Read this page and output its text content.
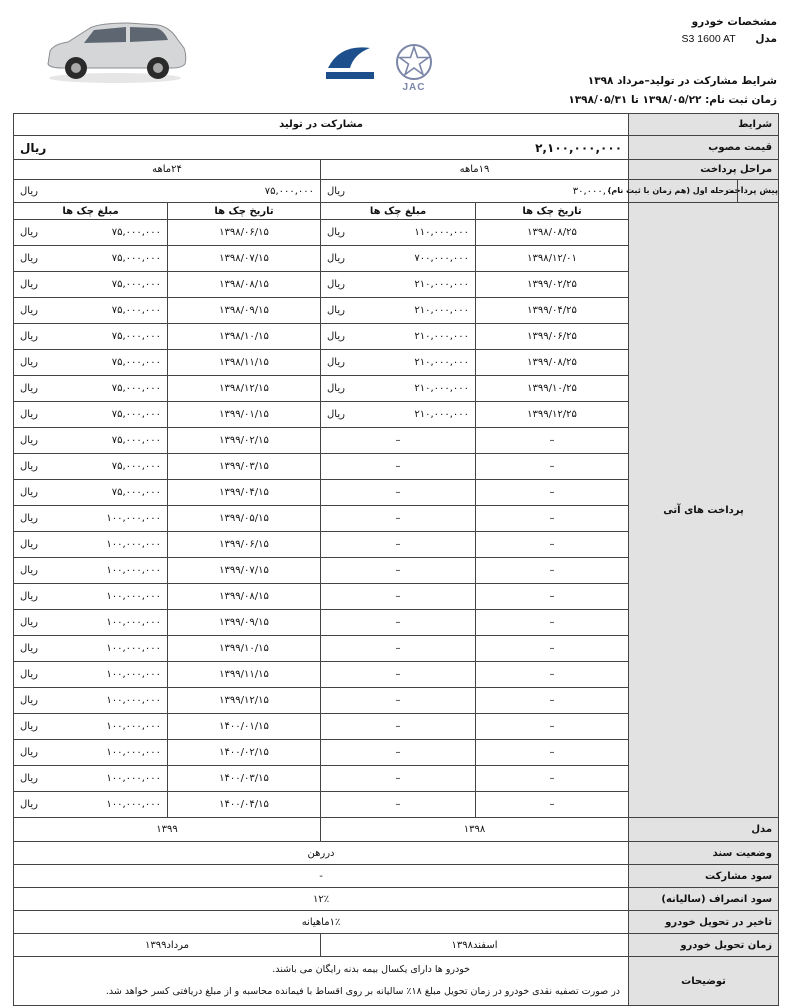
مشخصات خودرو
مدل S3 1600 AT
شرایط مشارکت در تولید–مرداد ۱۳۹۸
زمان ثبت نام: ۱۳۹۸/۰۵/۲۲ تا ۱۳۹۸/۰۵/۳۱
JAC
شرایط	مشارکت در تولید			
قیمت مصوب	ریال ۲,۱۰۰,۰۰۰,۰۰۰			

مراحل پرداخت	۱۹ماهه		۲۴ماهه	

پیش پرداخت
مرحله اول (هم زمان با ثبت نام)	ریال ۳۰,۰۰۰,۰۰۰		ریال ۷۵,۰۰۰,۰۰۰	

پرداخت های آتی	تاریخ چک ها	مبلغ چک ها	تاریخ چک ها	مبلغ چک ها

	۱۳۹۸/۰۸/۲۵	ریال ۱۱۰,۰۰۰,۰۰۰	۱۳۹۸/۰۶/۱۵	ریال ۷۵,۰۰۰,۰۰۰

	۱۳۹۸/۱۲/۰۱	ریال ۷۰۰,۰۰۰,۰۰۰	۱۳۹۸/۰۷/۱۵	ریال ۷۵,۰۰۰,۰۰۰

	۱۳۹۹/۰۲/۲۵	ریال ۲۱۰,۰۰۰,۰۰۰	۱۳۹۸/۰۸/۱۵	ریال ۷۵,۰۰۰,۰۰۰

	۱۳۹۹/۰۴/۲۵	ریال ۲۱۰,۰۰۰,۰۰۰	۱۳۹۸/۰۹/۱۵	ریال ۷۵,۰۰۰,۰۰۰

	۱۳۹۹/۰۶/۲۵	ریال ۲۱۰,۰۰۰,۰۰۰	۱۳۹۸/۱۰/۱۵	ریال ۷۵,۰۰۰,۰۰۰

	۱۳۹۹/۰۸/۲۵	ریال ۲۱۰,۰۰۰,۰۰۰	۱۳۹۸/۱۱/۱۵	ریال ۷۵,۰۰۰,۰۰۰

	۱۳۹۹/۱۰/۲۵	ریال ۲۱۰,۰۰۰,۰۰۰	۱۳۹۸/۱۲/۱۵	ریال ۷۵,۰۰۰,۰۰۰

	۱۳۹۹/۱۲/۲۵	ریال ۲۱۰,۰۰۰,۰۰۰	۱۳۹۹/۰۱/۱۵	ریال ۷۵,۰۰۰,۰۰۰

	–	–	۱۳۹۹/۰۲/۱۵	ریال ۷۵,۰۰۰,۰۰۰

	–	–	۱۳۹۹/۰۳/۱۵	ریال ۷۵,۰۰۰,۰۰۰

	–	–	۱۳۹۹/۰۴/۱۵	ریال ۷۵,۰۰۰,۰۰۰

	–	–	۱۳۹۹/۰۵/۱۵	ریال ۱۰۰,۰۰۰,۰۰۰

	–	–	۱۳۹۹/۰۶/۱۵	ریال ۱۰۰,۰۰۰,۰۰۰

	–	–	۱۳۹۹/۰۷/۱۵	ریال ۱۰۰,۰۰۰,۰۰۰

	–	–	۱۳۹۹/۰۸/۱۵	ریال ۱۰۰,۰۰۰,۰۰۰

	–	–	۱۳۹۹/۰۹/۱۵	ریال ۱۰۰,۰۰۰,۰۰۰

	–	–	۱۳۹۹/۱۰/۱۵	ریال ۱۰۰,۰۰۰,۰۰۰

	–	–	۱۳۹۹/۱۱/۱۵	ریال ۱۰۰,۰۰۰,۰۰۰

	–	–	۱۳۹۹/۱۲/۱۵	ریال ۱۰۰,۰۰۰,۰۰۰

	–	–	۱۴۰۰/۰۱/۱۵	ریال ۱۰۰,۰۰۰,۰۰۰

	–	–	۱۴۰۰/۰۲/۱۵	ریال ۱۰۰,۰۰۰,۰۰۰

	–	–	۱۴۰۰/۰۳/۱۵	ریال ۱۰۰,۰۰۰,۰۰۰

	–	–	۱۴۰۰/۰۴/۱۵	ریال ۱۰۰,۰۰۰,۰۰۰

مدل	۱۳۹۸		۱۳۹۹	
وضعیت سند	دررهن			
سود مشارکت	-			
سود انصراف (سالیانه)	۱۲٪			
تاخیر در تحویل خودرو	۱٪ماهیانه			
زمان تحویل خودرو	اسفند۱۳۹۸		مرداد۱۳۹۹	
توضیحات	خودرو ها دارای یکسال بیمه بدنه رایگان می باشند.
در صورت تصفیه نقدی خودرو در زمان تحویل مبلغ ۱۸٪ سالیانه بر روی اقساط با فیمانده محاسبه و از مبلغ دریافتی کسر خواهد شد.			
